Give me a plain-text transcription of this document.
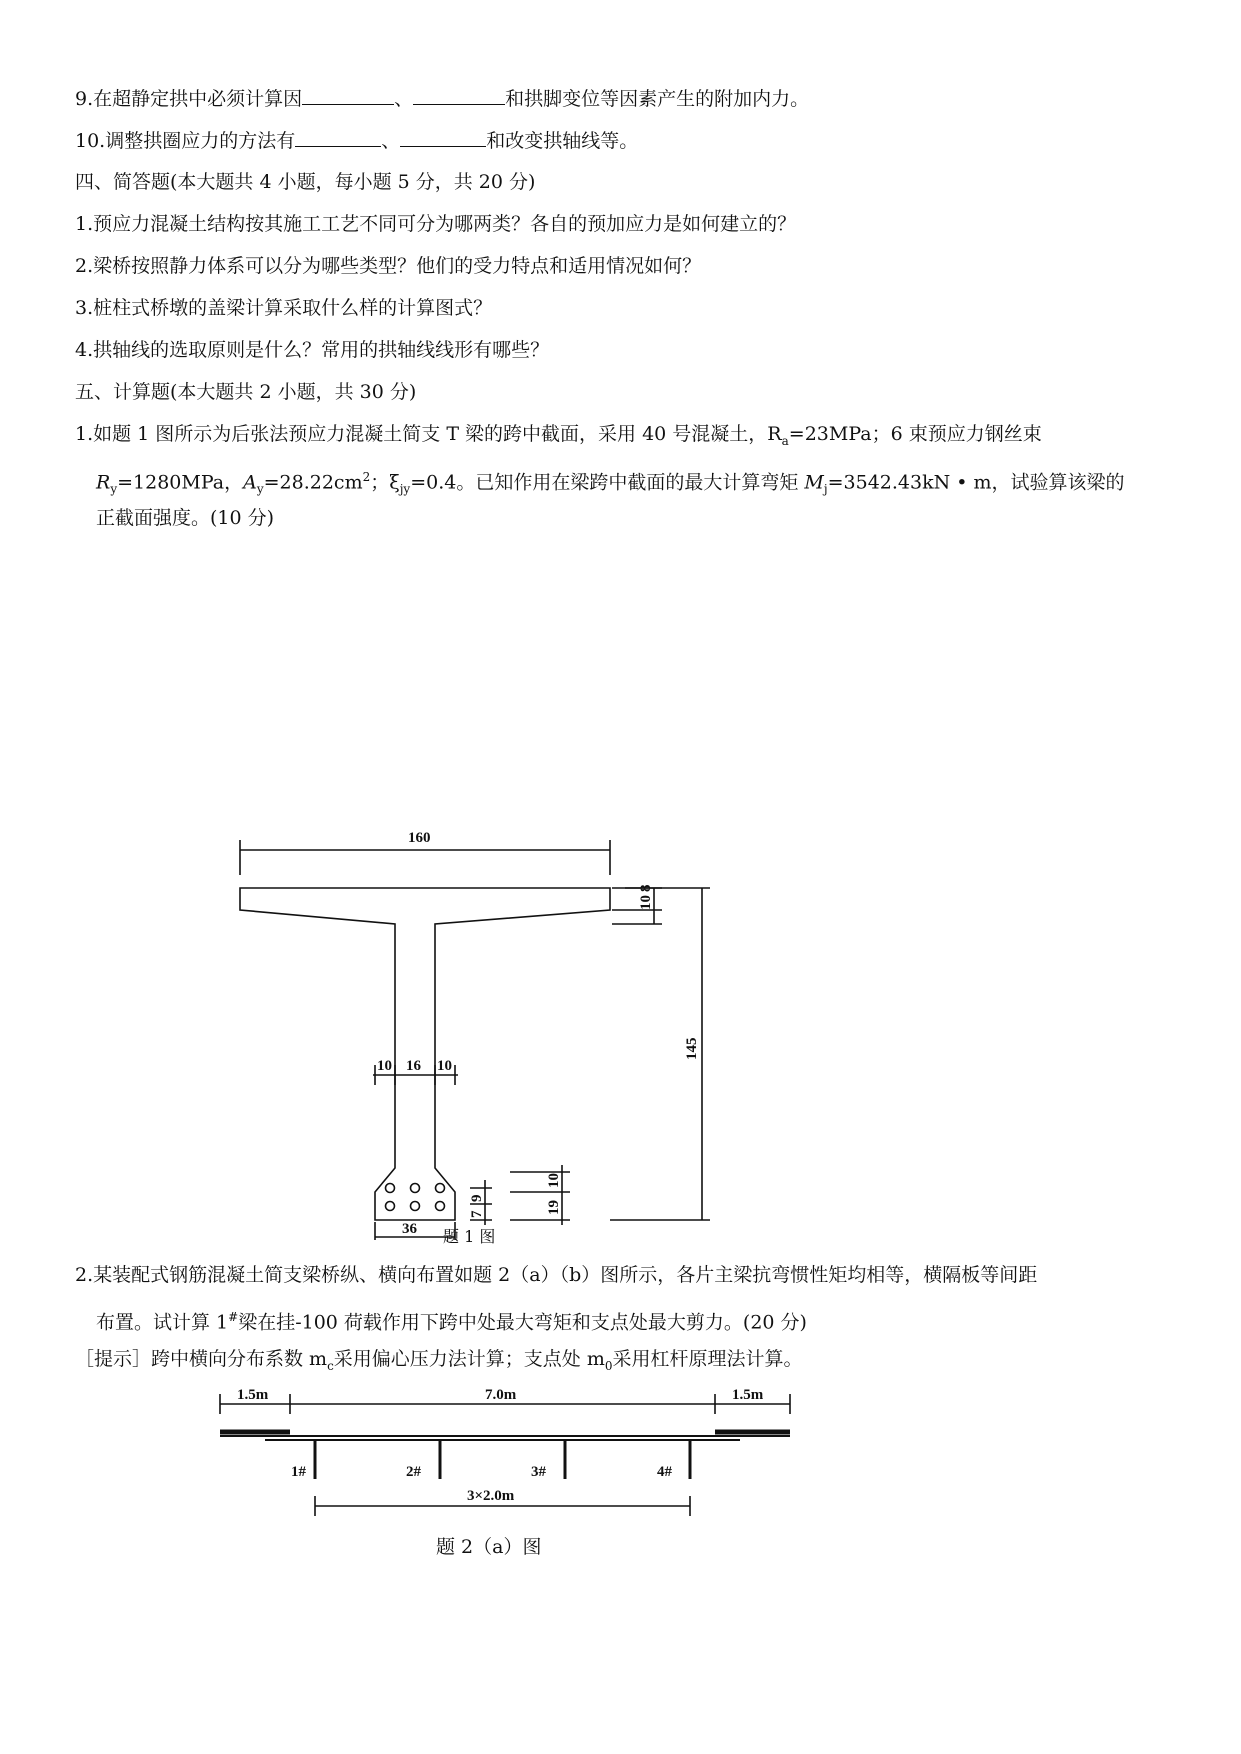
9.在超静定拱中必须计算因	、	和拱脚变位等因素产生的附加内力。
10.调整拱圈应力的方法有	、	和改变拱轴线等。
四、简答题(本大题共 4 小题，每小题 5 分，共 20 分)
1.预应力混凝土结构按其施工工艺不同可分为哪两类？各自的预加应力是如何建立的？
2.梁桥按照静力体系可以分为哪些类型？他们的受力特点和适用情况如何？
3.桩柱式桥墩的盖梁计算采取什么样的计算图式？
4.拱轴线的选取原则是什么？常用的拱轴线线形有哪些？
五、计算题(本大题共 2 小题，共 30 分)
1.如题 1 图所示为后张法预应力混凝土简支 T 梁的跨中截面，采用 40 号混凝土，$R_a=23MPa$；6 束预应力钢丝束
$R_y=1280MPa$，$A_y=28.22cm^2$；$\xi_{jy}=0.4$。已知作用在梁跨中截面的最大计算弯矩 $M_j=3542.43kN$ • m，试验算该梁的
正截面强度。(10 分)
160
10
8
145
10 16 10
36
7
9
19
10
题 1 图
2.某装配式钢筋混凝土简支梁桥纵、横向布置如题 2（a）（b）图所示，各片主梁抗弯惯性矩均相等，横隔板等间距
布置。试计算 1#梁在挂-100 荷载作用下跨中处最大弯矩和支点处最大剪力。(20 分)
［提示］跨中横向分布系数 $m_c$采用偏心压力法计算；支点处 $m_0$采用杠杆原理法计算。
1.5m	7.0m	1.5m
1#	2#	3#	4#
3×2.0m
题 2（a）图
